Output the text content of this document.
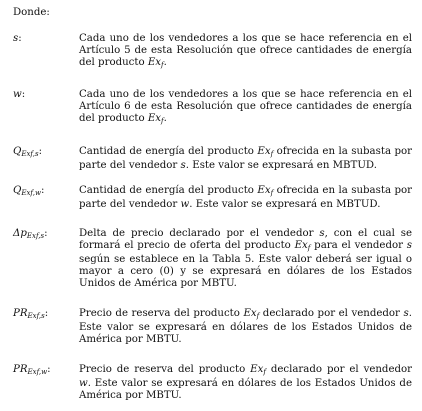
Donde:
s:	Cada uno de los vendedores a los que se hace referencia en el Artículo 5 de esta Resolución que ofrece cantidades de energía del producto $Ex_f$.
w:	Cada uno de los vendedores a los que se hace referencia en el Artículo 6 de esta Resolución que ofrece cantidades de energía del producto $Ex_f$.
$Q_{Exf,s}$:	Cantidad de energía del producto $Ex_f$ ofrecida en la subasta por parte del vendedor s. Este valor se expresará en MBTUD.
$Q_{Exf,w}$:	Cantidad de energía del producto $Ex_f$ ofrecida en la subasta por parte del vendedor w. Este valor se expresará en MBTUD.
$\Delta p_{Exf,s}$:	Delta de precio declarado por el vendedor s, con el cual se formará el precio de oferta del producto $Ex_f$ para el vendedor s según se establece en la Tabla 5. Este valor deberá ser igual o mayor a cero (0) y se expresará en dólares de los Estados Unidos de América por MBTU.
$PR_{Exf,s}$:	Precio de reserva del producto $Ex_f$ declarado por el vendedor s. Este valor se expresará en dólares de los Estados Unidos de América por MBTU.
$PR_{Exf,w}$:	Precio de reserva del producto $Ex_f$ declarado por el vendedor w. Este valor se expresará en dólares de los Estados Unidos de América por MBTU.
